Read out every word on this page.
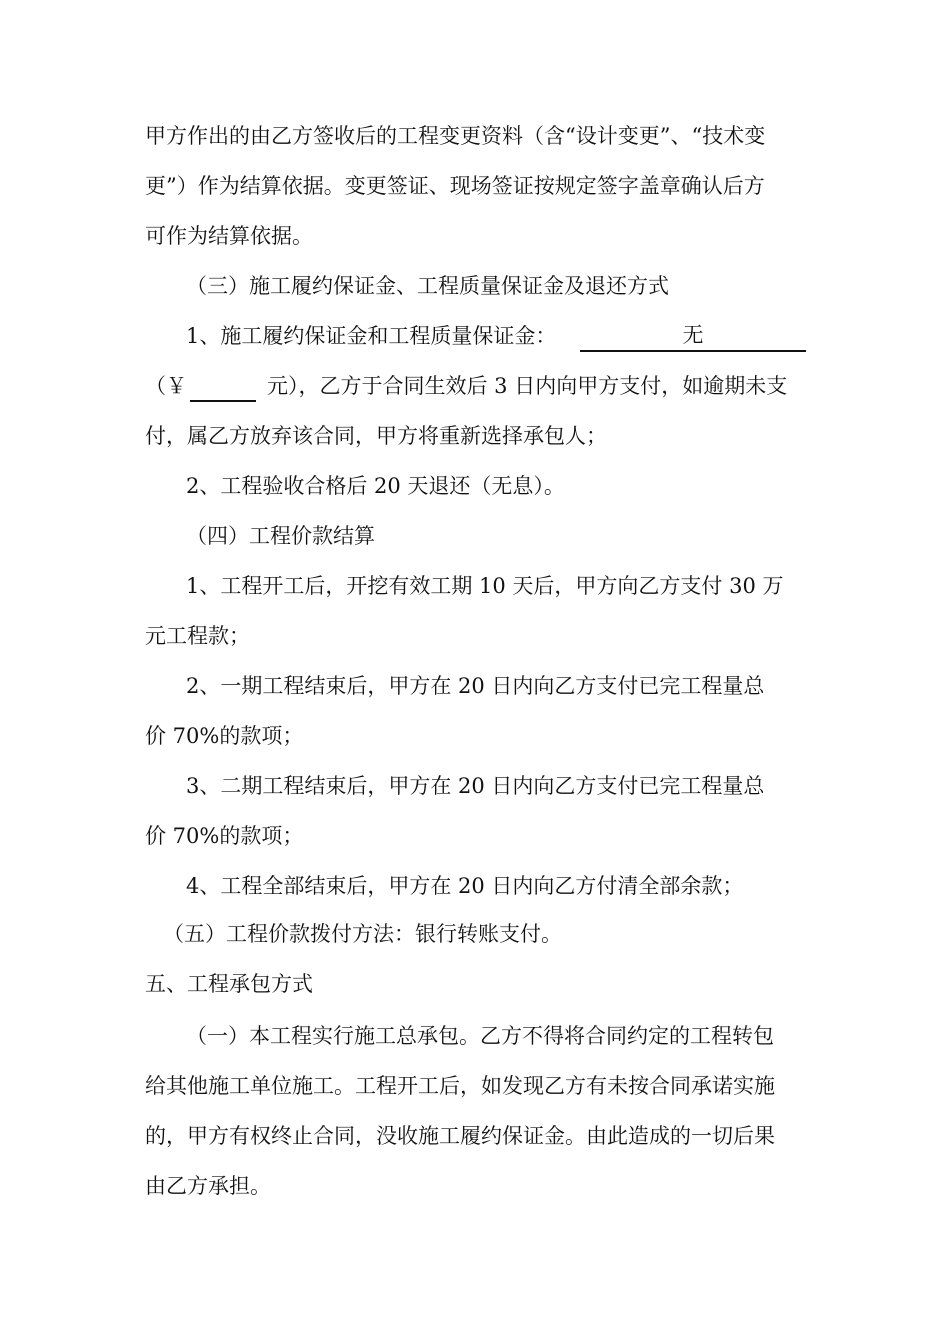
甲方作出的由乙方签收后的工程变更资料（含“设计变更”、“技术变
更”）作为结算依据。变更签证、现场签证按规定签字盖章确认后方
可作为结算依据。
（三）施工履约保证金、工程质量保证金及退还方式
1、施工履约保证金和工程质量保证金：	无
（￥	元），乙方于合同生效后 3 日内向甲方支付，如逾期未支
付，属乙方放弃该合同，甲方将重新选择承包人；
2、工程验收合格后 20 天退还（无息）。
（四）工程价款结算
1、工程开工后，开挖有效工期 10 天后，甲方向乙方支付 30 万
元工程款；
2、一期工程结束后，甲方在 20 日内向乙方支付已完工程量总
价 70%的款项；
3、二期工程结束后，甲方在 20 日内向乙方支付已完工程量总
价 70%的款项；
4、工程全部结束后，甲方在 20 日内向乙方付清全部余款；
（五）工程价款拨付方法：银行转账支付。
五、工程承包方式
（一）本工程实行施工总承包。乙方不得将合同约定的工程转包
给其他施工单位施工。工程开工后，如发现乙方有未按合同承诺实施
的，甲方有权终止合同，没收施工履约保证金。由此造成的一切后果
由乙方承担。
